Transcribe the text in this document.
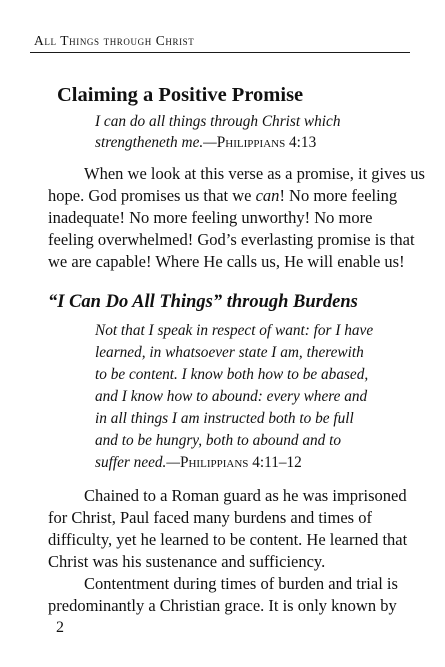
All Things through Christ
Claiming a Positive Promise
I can do all things through Christ which
strengtheneth me.—Philippians 4:13
When we look at this verse as a promise, it gives us
hope. God promises us that we can! No more feeling
inadequate! No more feeling unworthy! No more
feeling overwhelmed! God’s everlasting promise is that
we are capable! Where He calls us, He will enable us!
“I Can Do All Things” through Burdens
Not that I speak in respect of want: for I have
learned, in whatsoever state I am, therewith
to be content. I know both how to be abased,
and I know how to abound: every where and
in all things I am instructed both to be full
and to be hungry, both to abound and to
suffer need.—Philippians 4:11–12
Chained to a Roman guard as he was imprisoned
for Christ, Paul faced many burdens and times of
difficulty, yet he learned to be content. He learned that
Christ was his sustenance and sufficiency.
Contentment during times of burden and trial is
predominantly a Christian grace. It is only known by
2
